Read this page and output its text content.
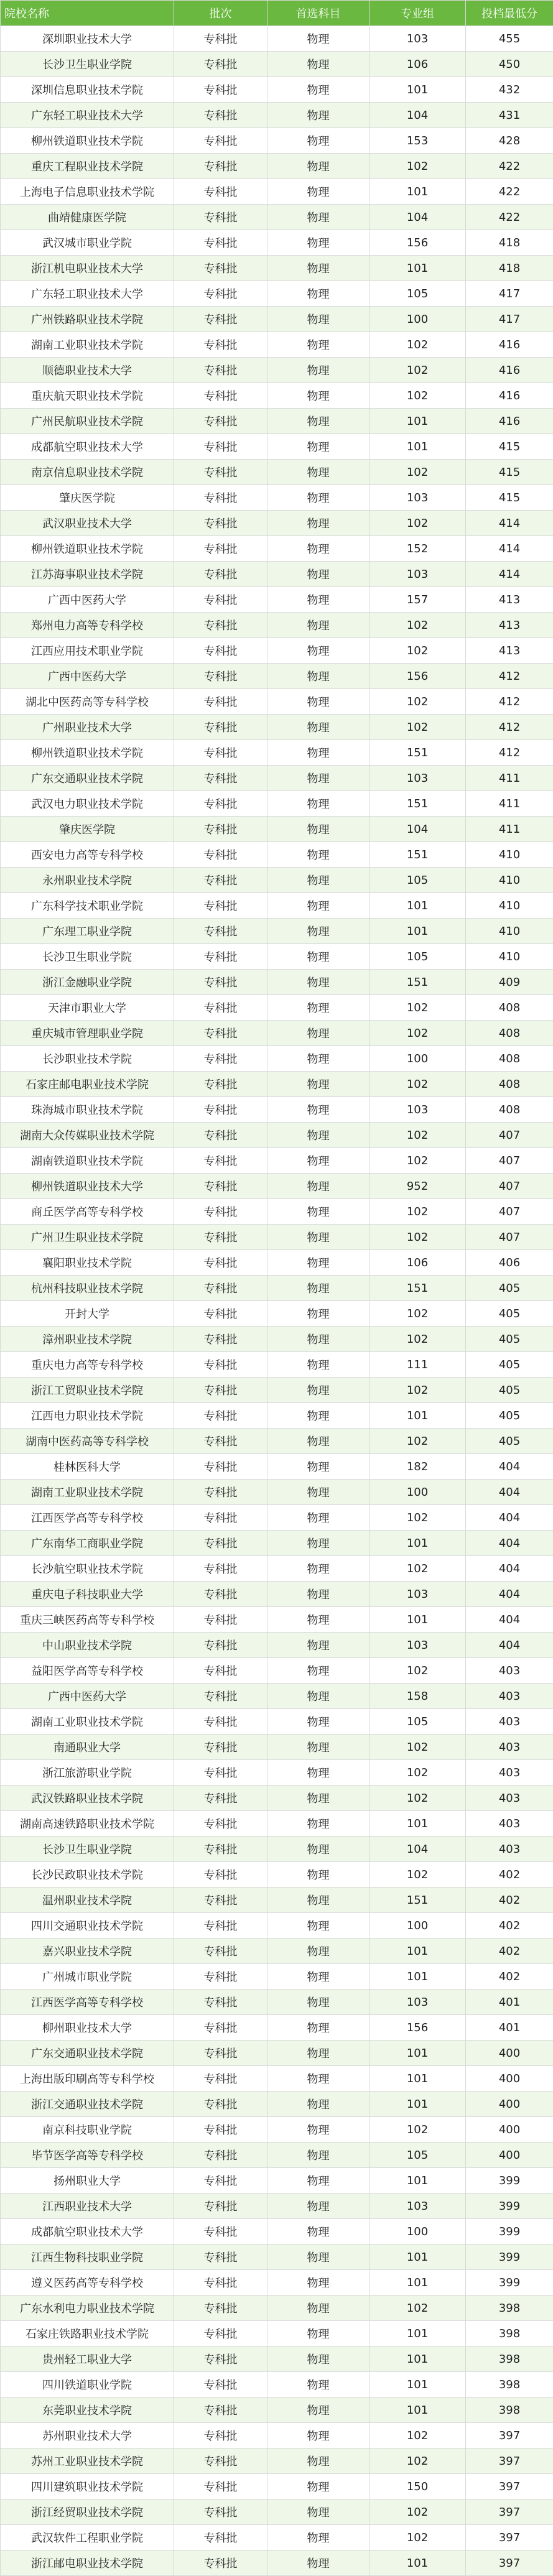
院校名称	批次	首选科目	专业组	投档最低分
深圳职业技术大学	专科批	物理	103	455
长沙卫生职业学院	专科批	物理	106	450
深圳信息职业技术学院	专科批	物理	101	432
广东轻工职业技术大学	专科批	物理	104	431
柳州铁道职业技术学院	专科批	物理	153	428
重庆工程职业技术学院	专科批	物理	102	422
上海电子信息职业技术学院	专科批	物理	101	422
曲靖健康医学院	专科批	物理	104	422
武汉城市职业学院	专科批	物理	156	418
浙江机电职业技术大学	专科批	物理	101	418
广东轻工职业技术大学	专科批	物理	105	417
广州铁路职业技术学院	专科批	物理	100	417
湖南工业职业技术学院	专科批	物理	102	416
顺德职业技术大学	专科批	物理	102	416
重庆航天职业技术学院	专科批	物理	102	416
广州民航职业技术学院	专科批	物理	101	416
成都航空职业技术大学	专科批	物理	101	415
南京信息职业技术学院	专科批	物理	102	415
肇庆医学院	专科批	物理	103	415
武汉职业技术大学	专科批	物理	102	414
柳州铁道职业技术学院	专科批	物理	152	414
江苏海事职业技术学院	专科批	物理	103	414
广西中医药大学	专科批	物理	157	413
郑州电力高等专科学校	专科批	物理	102	413
江西应用技术职业学院	专科批	物理	102	413
广西中医药大学	专科批	物理	156	412
湖北中医药高等专科学校	专科批	物理	102	412
广州职业技术大学	专科批	物理	102	412
柳州铁道职业技术学院	专科批	物理	151	412
广东交通职业技术学院	专科批	物理	103	411
武汉电力职业技术学院	专科批	物理	151	411
肇庆医学院	专科批	物理	104	411
西安电力高等专科学校	专科批	物理	151	410
永州职业技术学院	专科批	物理	105	410
广东科学技术职业学院	专科批	物理	101	410
广东理工职业学院	专科批	物理	101	410
长沙卫生职业学院	专科批	物理	105	410
浙江金融职业学院	专科批	物理	151	409
天津市职业大学	专科批	物理	102	408
重庆城市管理职业学院	专科批	物理	102	408
长沙职业技术学院	专科批	物理	100	408
石家庄邮电职业技术学院	专科批	物理	102	408
珠海城市职业技术学院	专科批	物理	103	408
湖南大众传媒职业技术学院	专科批	物理	102	407
湖南铁道职业技术学院	专科批	物理	102	407
柳州铁道职业技术大学	专科批	物理	952	407
商丘医学高等专科学校	专科批	物理	102	407
广州卫生职业技术学院	专科批	物理	102	407
襄阳职业技术学院	专科批	物理	106	406
杭州科技职业技术学院	专科批	物理	151	405
开封大学	专科批	物理	102	405
漳州职业技术学院	专科批	物理	102	405
重庆电力高等专科学校	专科批	物理	111	405
浙江工贸职业技术学院	专科批	物理	102	405
江西电力职业技术学院	专科批	物理	101	405
湖南中医药高等专科学校	专科批	物理	102	405
桂林医科大学	专科批	物理	182	404
湖南工业职业技术学院	专科批	物理	100	404
江西医学高等专科学校	专科批	物理	102	404
广东南华工商职业学院	专科批	物理	101	404
长沙航空职业技术学院	专科批	物理	102	404
重庆电子科技职业大学	专科批	物理	103	404
重庆三峡医药高等专科学校	专科批	物理	101	404
中山职业技术学院	专科批	物理	103	404
益阳医学高等专科学校	专科批	物理	102	403
广西中医药大学	专科批	物理	158	403
湖南工业职业技术学院	专科批	物理	105	403
南通职业大学	专科批	物理	102	403
浙江旅游职业学院	专科批	物理	102	403
武汉铁路职业技术学院	专科批	物理	102	403
湖南高速铁路职业技术学院	专科批	物理	101	403
长沙卫生职业学院	专科批	物理	104	403
长沙民政职业技术学院	专科批	物理	102	402
温州职业技术学院	专科批	物理	151	402
四川交通职业技术学院	专科批	物理	100	402
嘉兴职业技术学院	专科批	物理	101	402
广州城市职业学院	专科批	物理	101	402
江西医学高等专科学校	专科批	物理	103	401
柳州职业技术大学	专科批	物理	156	401
广东交通职业技术学院	专科批	物理	101	400
上海出版印刷高等专科学校	专科批	物理	101	400
浙江交通职业技术学院	专科批	物理	101	400
南京科技职业学院	专科批	物理	102	400
毕节医学高等专科学校	专科批	物理	105	400
扬州职业大学	专科批	物理	101	399
江西职业技术大学	专科批	物理	103	399
成都航空职业技术大学	专科批	物理	100	399
江西生物科技职业学院	专科批	物理	101	399
遵义医药高等专科学校	专科批	物理	101	399
广东水利电力职业技术学院	专科批	物理	102	398
石家庄铁路职业技术学院	专科批	物理	101	398
贵州轻工职业大学	专科批	物理	101	398
四川铁道职业学院	专科批	物理	101	398
东莞职业技术学院	专科批	物理	101	398
苏州职业技术大学	专科批	物理	102	397
苏州工业职业技术学院	专科批	物理	102	397
四川建筑职业技术学院	专科批	物理	150	397
浙江经贸职业技术学院	专科批	物理	102	397
武汉软件工程职业学院	专科批	物理	102	397
浙江邮电职业技术学院	专科批	物理	101	397
